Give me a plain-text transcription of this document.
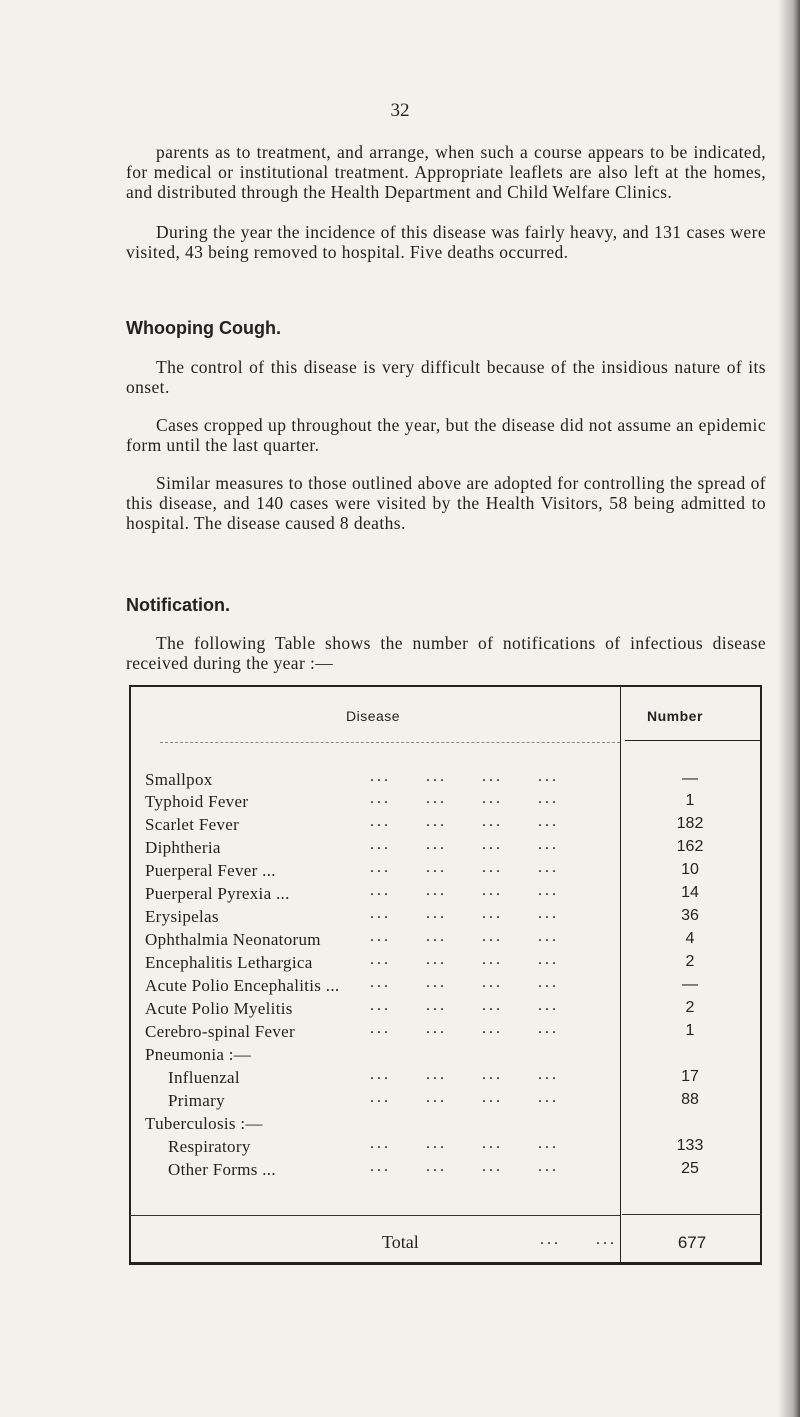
32

parents as to treatment, and arrange, when such a course appears to be indicated, for medical or institutional treatment. Appropriate leaflets are also left at the homes, and distributed through the Health Department and Child Welfare Clinics.

During the year the incidence of this disease was fairly heavy, and 131 cases were visited, 43 being removed to hospital. Five deaths occurred.

Whooping Cough.

The control of this disease is very difficult because of the insidious nature of its onset.

Cases cropped up throughout the year, but the disease did not assume an epidemic form until the last quarter.

Similar measures to those outlined above are adopted for controlling the spread of this disease, and 140 cases were visited by the Health Visitors, 58 being admitted to hospital. The disease caused 8 deaths.

Notification.

The following Table shows the number of notifications of infectious disease received during the year :—

Disease	Number
Smallpox	...     ...     ...     ...	—
Typhoid Fever	...     ...     ...     ...	1
Scarlet Fever	...     ...     ...     ...	182
Diphtheria	...     ...     ...     ...	162
Puerperal Fever ...	...     ...     ...     ...	10
Puerperal Pyrexia ...	...     ...     ...     ...	14
Erysipelas	...     ...     ...     ...	36
Ophthalmia Neonatorum	...     ...     ...     ...	4
Encephalitis Lethargica	...     ...     ...     ...	2
Acute Polio Encephalitis ... ...     ...     ...     ...	—
Acute Polio Myelitis	...     ...     ...     ...	2
Cerebro-spinal Fever	...     ...     ...     ...	1
Pneumonia :—
Influenzal	...     ...     ...     ...	17
Primary	...     ...     ...     ...	88
Tuberculosis :—
Respiratory	...     ...     ...     ...	133
Other Forms ...	...     ...     ...     ...	25
Total	...     ...	677
